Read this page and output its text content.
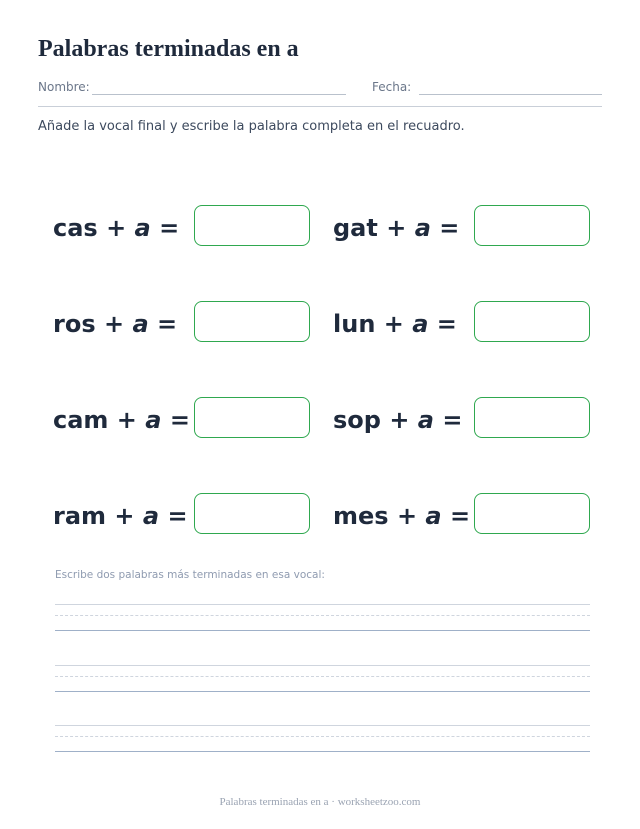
Palabras terminadas en a
Nombre:	Fecha:

Añade la vocal final y escribe la palabra completa en el recuadro.

cas + a =	gat + a =
ros + a =	lun + a =
cam + a =	sop + a =
ram + a =	mes + a =
Escribe dos palabras más terminadas en esa vocal:
Palabras terminadas en a · worksheetzoo.com
